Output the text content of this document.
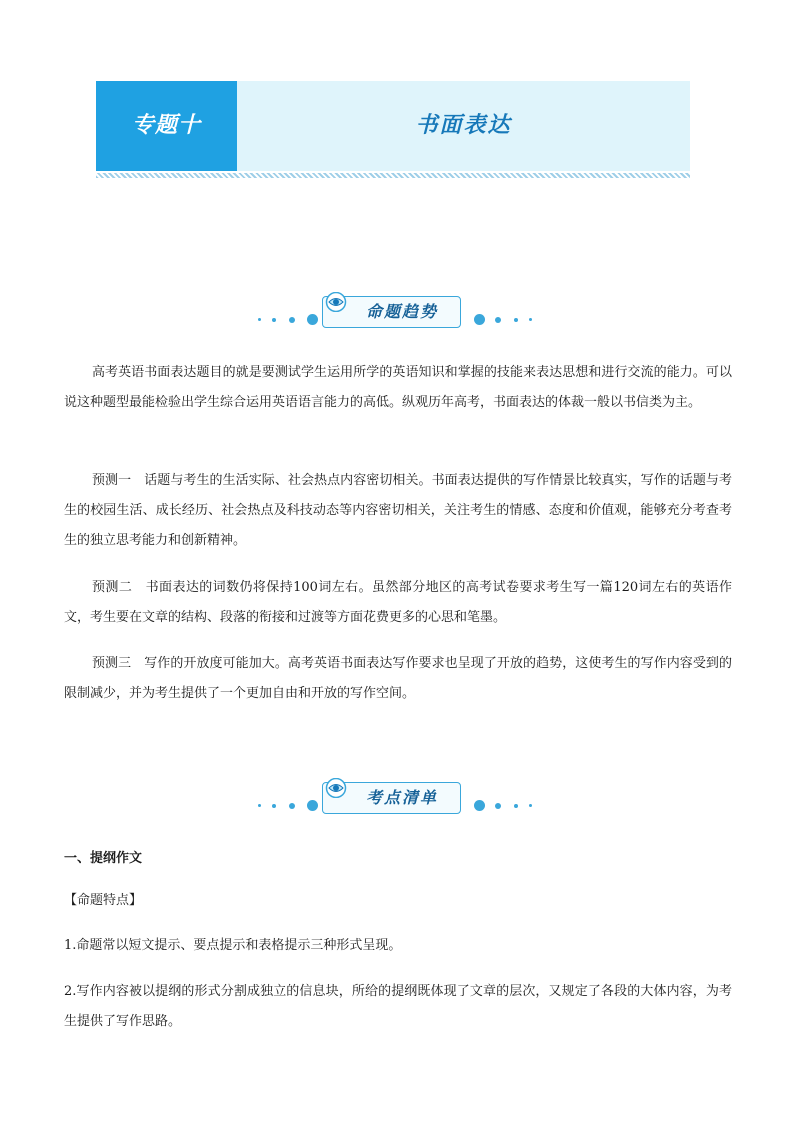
专题十	书面表达
命题趋势

高考英语书面表达题目的就是要测试学生运用所学的英语知识和掌握的技能来表达思想和进行交流的能力。可以说这种题型最能检验出学生综合运用英语语言能力的高低。纵观历年高考，书面表达的体裁一般以书信类为主。

预测一　话题与考生的生活实际、社会热点内容密切相关。书面表达提供的写作情景比较真实，写作的话题与考生的校园生活、成长经历、社会热点及科技动态等内容密切相关，关注考生的情感、态度和价值观，能够充分考查考生的独立思考能力和创新精神。

预测二　书面表达的词数仍将保持100词左右。虽然部分地区的高考试卷要求考生写一篇120词左右的英语作文，考生要在文章的结构、段落的衔接和过渡等方面花费更多的心思和笔墨。

预测三　写作的开放度可能加大。高考英语书面表达写作要求也呈现了开放的趋势，这使考生的写作内容受到的限制减少，并为考生提供了一个更加自由和开放的写作空间。

考点清单

一、提纲作文

【命题特点】

1.命题常以短文提示、要点提示和表格提示三种形式呈现。

2.写作内容被以提纲的形式分割成独立的信息块，所给的提纲既体现了文章的层次，又规定了各段的大体内容，为考生提供了写作思路。
